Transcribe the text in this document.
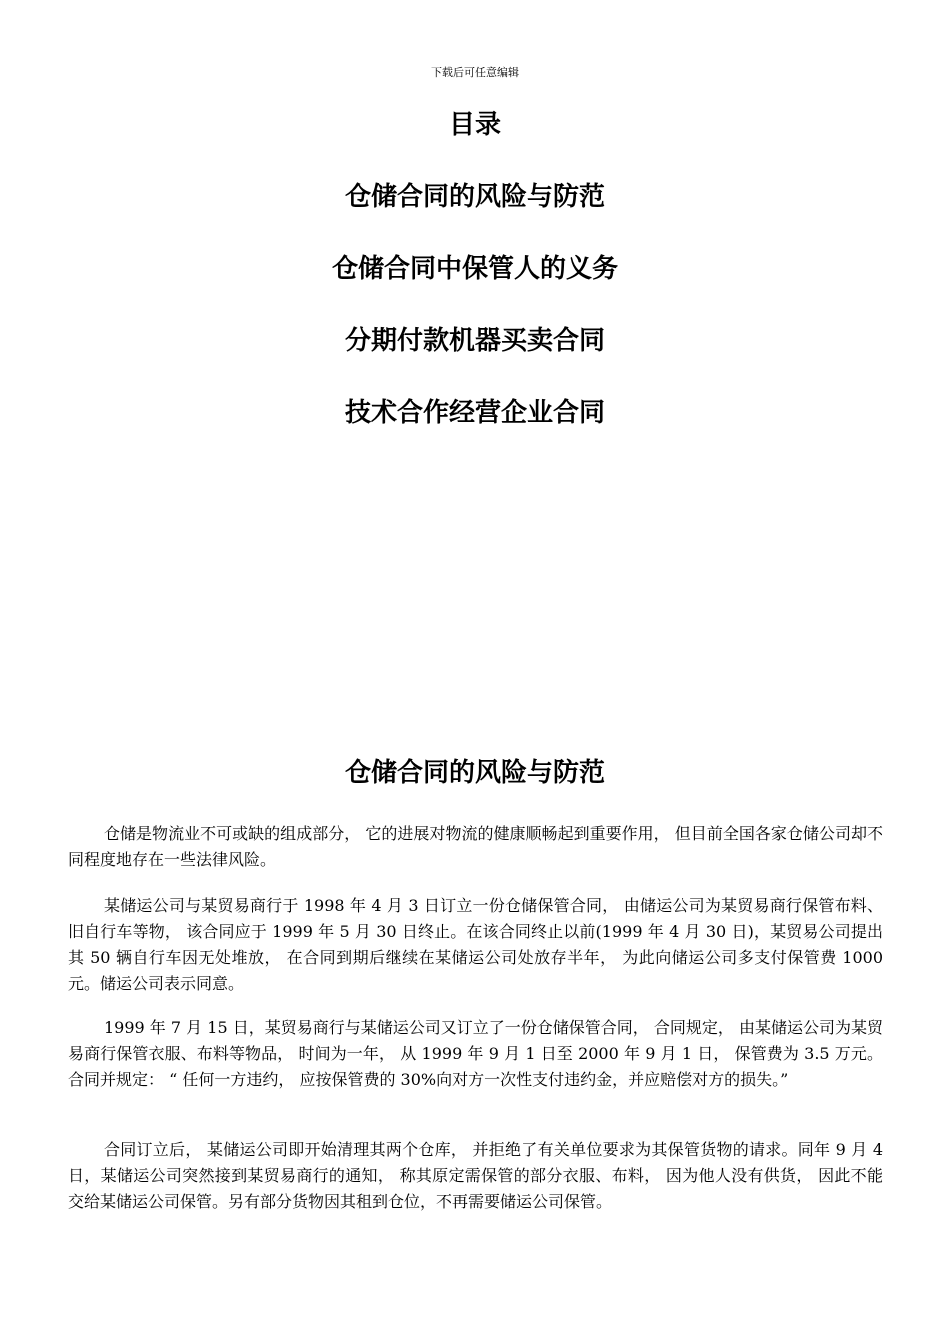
下载后可任意编辑
目录
仓储合同的风险与防范
仓储合同中保管人的义务
分期付款机器买卖合同
技术合作经营企业合同
仓储合同的风险与防范

仓储是物流业不可或缺的组成部分， 它的进展对物流的健康顺畅起到重要作用， 但目前全国各家仓储公司却不同程度地存在一些法律风险。

某储运公司与某贸易商行于 1998 年 4 月 3 日订立一份仓储保管合同， 由储运公司为某贸易商行保管布料、旧自行车等物， 该合同应于 1999 年 5 月 30 日终止。在该合同终止以前(1999 年 4 月 30 日)，某贸易公司提出其 50 辆自行车因无处堆放， 在合同到期后继续在某储运公司处放存半年， 为此向储运公司多支付保管费 1000 元。储运公司表示同意。

1999 年 7 月 15 日，某贸易商行与某储运公司又订立了一份仓储保管合同， 合同规定， 由某储运公司为某贸易商行保管衣服、布料等物品， 时间为一年， 从 1999 年 9 月 1 日至 2000 年 9 月 1 日， 保管费为 3.5 万元。合同并规定： “ 任何一方违约， 应按保管费的 30%向对方一次性支付违约金，并应赔偿对方的损失。”

合同订立后， 某储运公司即开始清理其两个仓库， 并拒绝了有关单位要求为其保管货物的请求。同年 9 月 4 日，某储运公司突然接到某贸易商行的通知， 称其原定需保管的部分衣服、布料， 因为他人没有供货， 因此不能交给某储运公司保管。另有部分货物因其租到仓位，不再需要储运公司保管。
